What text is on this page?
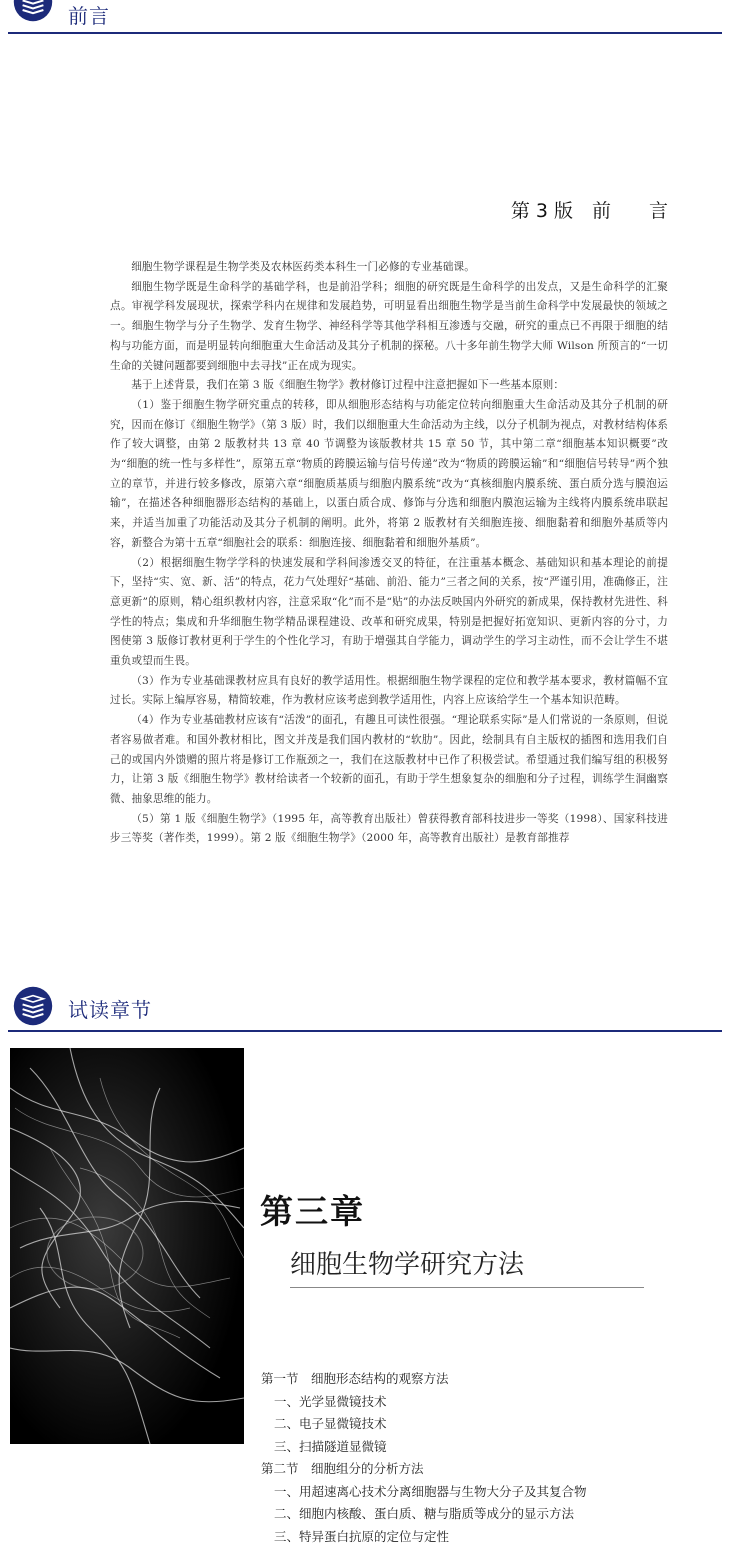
前言
第 3 版　前　　言

细胞生物学课程是生物学类及农林医药类本科生一门必修的专业基础课。

细胞生物学既是生命科学的基础学科，也是前沿学科；细胞的研究既是生命科学的出发点，又是生命科学的汇聚点。审视学科发展现状，探索学科内在规律和发展趋势，可明显看出细胞生物学是当前生命科学中发展最快的领域之一。细胞生物学与分子生物学、发育生物学、神经科学等其他学科相互渗透与交融，研究的重点已不再限于细胞的结构与功能方面，而是明显转向细胞重大生命活动及其分子机制的探秘。八十多年前生物学大师 Wilson 所预言的“一切生命的关键问题都要到细胞中去寻找”正在成为现实。

基于上述背景，我们在第 3 版《细胞生物学》教材修订过程中注意把握如下一些基本原则：

（1）鉴于细胞生物学研究重点的转移，即从细胞形态结构与功能定位转向细胞重大生命活动及其分子机制的研究，因而在修订《细胞生物学》（第 3 版）时，我们以细胞重大生命活动为主线，以分子机制为视点，对教材结构体系作了较大调整，由第 2 版教材共 13 章 40 节调整为该版教材共 15 章 50 节，其中第二章“细胞基本知识概要”改为“细胞的统一性与多样性”，原第五章“物质的跨膜运输与信号传递”改为“物质的跨膜运输”和“细胞信号转导”两个独立的章节，并进行较多修改，原第六章“细胞质基质与细胞内膜系统”改为“真核细胞内膜系统、蛋白质分选与膜泡运输”，在描述各种细胞器形态结构的基础上，以蛋白质合成、修饰与分选和细胞内膜泡运输为主线将内膜系统串联起来，并适当加重了功能活动及其分子机制的阐明。此外，将第 2 版教材有关细胞连接、细胞黏着和细胞外基质等内容，新整合为第十五章“细胞社会的联系：细胞连接、细胞黏着和细胞外基质”。

（2）根据细胞生物学学科的快速发展和学科间渗透交叉的特征，在注重基本概念、基础知识和基本理论的前提下，坚持“实、宽、新、活”的特点，花力气处理好“基础、前沿、能力”三者之间的关系，按“严谨引用，准确修正，注意更新”的原则，精心组织教材内容，注意采取“化”而不是“贴”的办法反映国内外研究的新成果，保持教材先进性、科学性的特点；集成和升华细胞生物学精品课程建设、改革和研究成果，特别是把握好拓宽知识、更新内容的分寸，力图使第 3 版修订教材更利于学生的个性化学习，有助于增强其自学能力，调动学生的学习主动性，而不会让学生不堪重负或望而生畏。

（3）作为专业基础课教材应具有良好的教学适用性。根据细胞生物学课程的定位和教学基本要求，教材篇幅不宜过长。实际上编厚容易，精简较难，作为教材应该考虑到教学适用性，内容上应该给学生一个基本知识范畴。

（4）作为专业基础教材应该有“活泼”的面孔，有趣且可读性很强。“理论联系实际”是人们常说的一条原则，但说者容易做者难。和国外教材相比，图文并茂是我们国内教材的“软肋”。因此，绘制具有自主版权的插图和选用我们自己的或国内外馈赠的照片将是修订工作瓶颈之一，我们在这版教材中已作了积极尝试。希望通过我们编写组的积极努力，让第 3 版《细胞生物学》教材给读者一个较新的面孔，有助于学生想象复杂的细胞和分子过程，训练学生洞幽察微、抽象思维的能力。

（5）第 1 版《细胞生物学》（1995 年，高等教育出版社）曾获得教育部科技进步一等奖（1998）、国家科技进步三等奖（著作类，1999）。第 2 版《细胞生物学》（2000 年，高等教育出版社）是教育部推荐

试读章节
第三章
细胞生物学研究方法
第一节　细胞形态结构的观察方法
一、光学显微镜技术
二、电子显微镜技术
三、扫描隧道显微镜
第二节　细胞组分的分析方法
一、用超速离心技术分离细胞器与生物大分子及其复合物
二、细胞内核酸、蛋白质、糖与脂质等成分的显示方法
三、特异蛋白抗原的定位与定性
